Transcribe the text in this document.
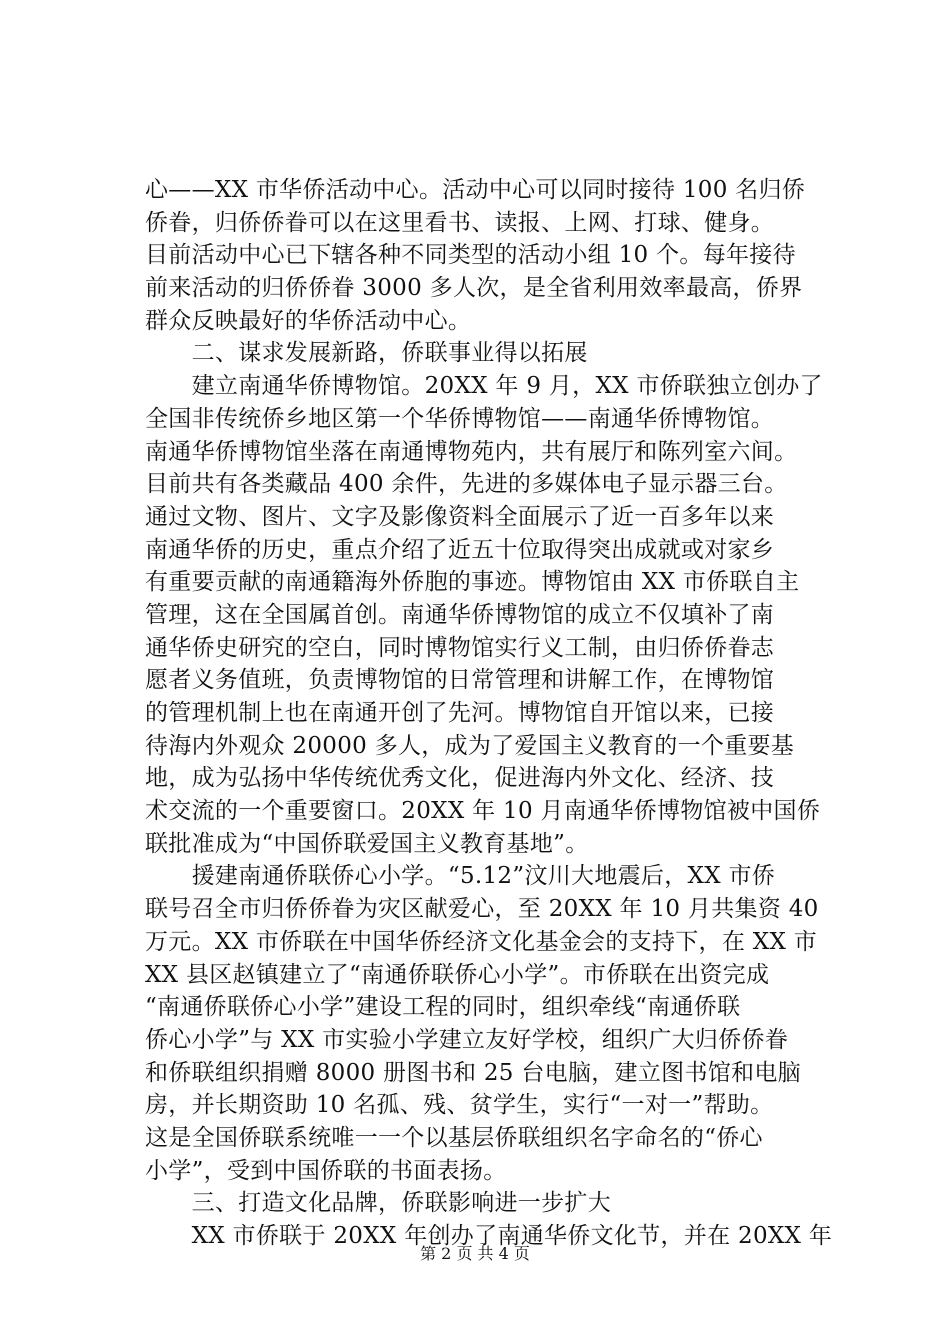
心——XX 市华侨活动中心。活动中心可以同时接待 100 名归侨
侨眷，归侨侨眷可以在这里看书、读报、上网、打球、健身。
目前活动中心已下辖各种不同类型的活动小组 10 个。每年接待
前来活动的归侨侨眷 3000 多人次，是全省利用效率最高，侨界
群众反映最好的华侨活动中心。
　　二、谋求发展新路，侨联事业得以拓展
　　建立南通华侨博物馆。20XX 年 9 月，XX 市侨联独立创办了
全国非传统侨乡地区第一个华侨博物馆——南通华侨博物馆。
南通华侨博物馆坐落在南通博物苑内，共有展厅和陈列室六间。
目前共有各类藏品 400 余件，先进的多媒体电子显示器三台。
通过文物、图片、文字及影像资料全面展示了近一百多年以来
南通华侨的历史，重点介绍了近五十位取得突出成就或对家乡
有重要贡献的南通籍海外侨胞的事迹。博物馆由 XX 市侨联自主
管理，这在全国属首创。南通华侨博物馆的成立不仅填补了南
通华侨史研究的空白，同时博物馆实行义工制，由归侨侨眷志
愿者义务值班，负责博物馆的日常管理和讲解工作，在博物馆
的管理机制上也在南通开创了先河。博物馆自开馆以来，已接
待海内外观众 20000 多人，成为了爱国主义教育的一个重要基
地，成为弘扬中华传统优秀文化，促进海内外文化、经济、技
术交流的一个重要窗口。20XX 年 10 月南通华侨博物馆被中国侨
联批准成为“中国侨联爱国主义教育基地”。
　　援建南通侨联侨心小学。“5.12”汶川大地震后，XX 市侨
联号召全市归侨侨眷为灾区献爱心，至 20XX 年 10 月共集资 40
万元。XX 市侨联在中国华侨经济文化基金会的支持下，在 XX 市
XX 县区赵镇建立了“南通侨联侨心小学”。市侨联在出资完成
“南通侨联侨心小学”建设工程的同时，组织牵线“南通侨联
侨心小学”与 XX 市实验小学建立友好学校，组织广大归侨侨眷
和侨联组织捐赠 8000 册图书和 25 台电脑，建立图书馆和电脑
房，并长期资助 10 名孤、残、贫学生，实行“一对一”帮助。
这是全国侨联系统唯一一个以基层侨联组织名字命名的“侨心
小学”，受到中国侨联的书面表扬。
　　三、打造文化品牌，侨联影响进一步扩大
　　XX 市侨联于 20XX 年创办了南通华侨文化节，并在 20XX 年
第 2 页 共 4 页
